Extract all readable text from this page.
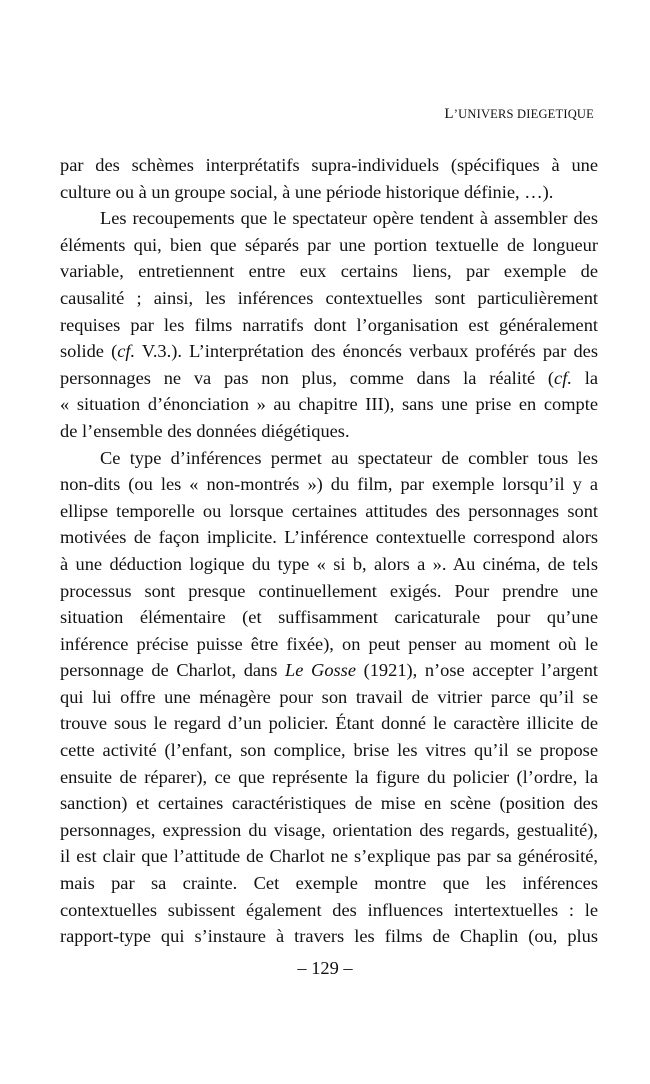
L’UNIVERS DIEGETIQUE
par des schèmes interprétatifs supra-individuels (spécifiques à une
culture ou à un groupe social, à une période historique définie, …).
Les recoupements que le spectateur opère tendent à assembler des
éléments qui, bien que séparés par une portion textuelle de longueur
variable, entretiennent entre eux certains liens, par exemple de
causalité ; ainsi, les inférences contextuelles sont particulièrement
requises par les films narratifs dont l’organisation est généralement
solide (cf. V.3.). L’interprétation des énoncés verbaux proférés par des
personnages ne va pas non plus, comme dans la réalité (cf. la
« situation d’énonciation » au chapitre III), sans une prise en compte
de l’ensemble des données diégétiques.
Ce type d’inférences permet au spectateur de combler tous les
non-dits (ou les « non-montrés ») du film, par exemple lorsqu’il y a
ellipse temporelle ou lorsque certaines attitudes des personnages sont
motivées de façon implicite. L’inférence contextuelle correspond alors
à une déduction logique du type « si b, alors a ». Au cinéma, de tels
processus sont presque continuellement exigés. Pour prendre une
situation élémentaire (et suffisamment caricaturale pour qu’une
inférence précise puisse être fixée), on peut penser au moment où le
personnage de Charlot, dans Le Gosse (1921), n’ose accepter l’argent
qui lui offre une ménagère pour son travail de vitrier parce qu’il se
trouve sous le regard d’un policier. Étant donné le caractère illicite de
cette activité (l’enfant, son complice, brise les vitres qu’il se propose
ensuite de réparer), ce que représente la figure du policier (l’ordre, la
sanction) et certaines caractéristiques de mise en scène (position des
personnages, expression du visage, orientation des regards, gestualité),
il est clair que l’attitude de Charlot ne s’explique pas par sa générosité,
mais par sa crainte. Cet exemple montre que les inférences
contextuelles subissent également des influences intertextuelles : le
rapport-type qui s’instaure à travers les films de Chaplin (ou, plus
– 129 –
